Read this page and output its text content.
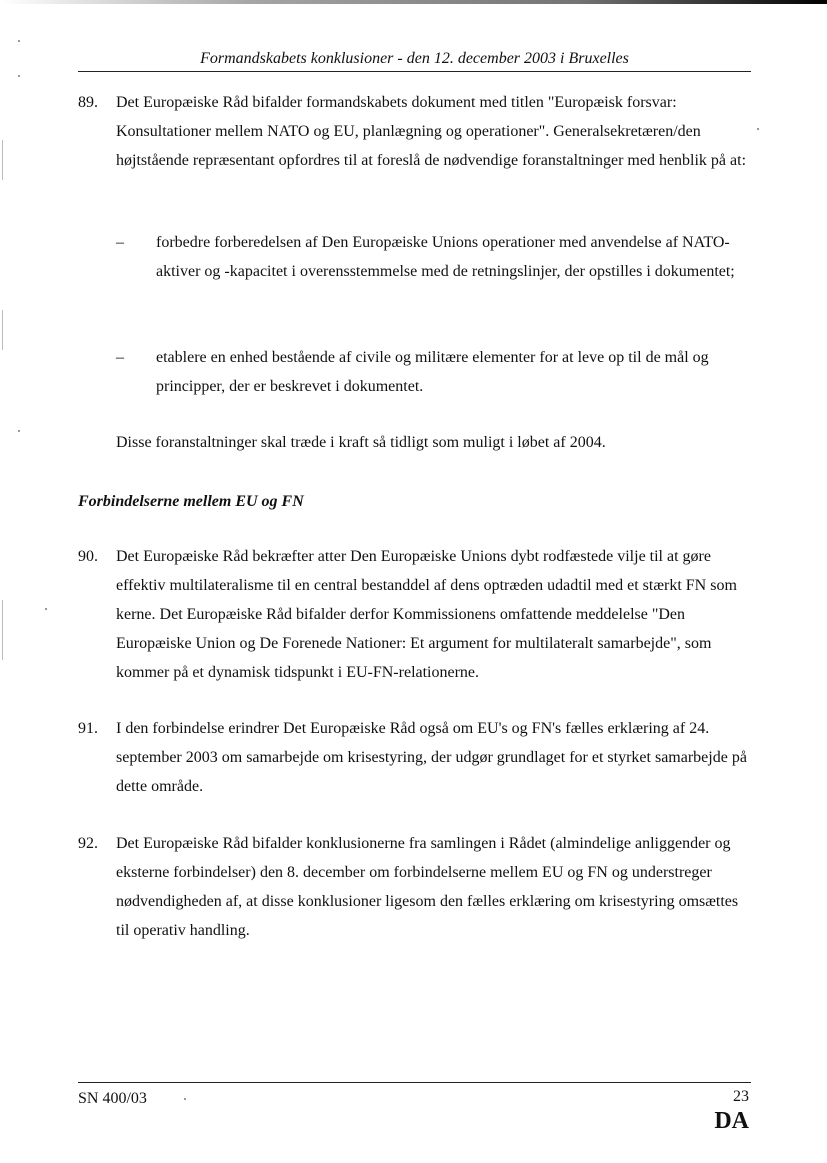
Formandskabets konklusioner - den 12. december 2003 i Bruxelles
89. Det Europæiske Råd bifalder formandskabets dokument med titlen "Europæisk forsvar: Konsultationer mellem NATO og EU, planlægning og operationer". Generalsekretæren/den højtstående repræsentant opfordres til at foreslå de nødvendige foranstaltninger med henblik på at:
– forbedre forberedelsen af Den Europæiske Unions operationer med anvendelse af NATO-aktiver og -kapacitet i overensstemmelse med de retningslinjer, der opstilles i dokumentet;
– etablere en enhed bestående af civile og militære elementer for at leve op til de mål og principper, der er beskrevet i dokumentet.
Disse foranstaltninger skal træde i kraft så tidligt som muligt i løbet af 2004.
Forbindelserne mellem EU og FN
90. Det Europæiske Råd bekræfter atter Den Europæiske Unions dybt rodfæstede vilje til at gøre effektiv multilateralisme til en central bestanddel af dens optræden udadtil med et stærkt FN som kerne. Det Europæiske Råd bifalder derfor Kommissionens omfattende meddelelse "Den Europæiske Union og De Forenede Nationer: Et argument for multilateralt samarbejde", som kommer på et dynamisk tidspunkt i EU-FN-relationerne.
91. I den forbindelse erindrer Det Europæiske Råd også om EU's og FN's fælles erklæring af 24. september 2003 om samarbejde om krisestyring, der udgør grundlaget for et styrket samarbejde på dette område.
92. Det Europæiske Råd bifalder konklusionerne fra samlingen i Rådet (almindelige anliggender og eksterne forbindelser) den 8. december om forbindelserne mellem EU og FN og understreger nødvendigheden af, at disse konklusioner ligesom den fælles erklæring om krisestyring omsættes til operativ handling.
SN 400/03	23
DA
